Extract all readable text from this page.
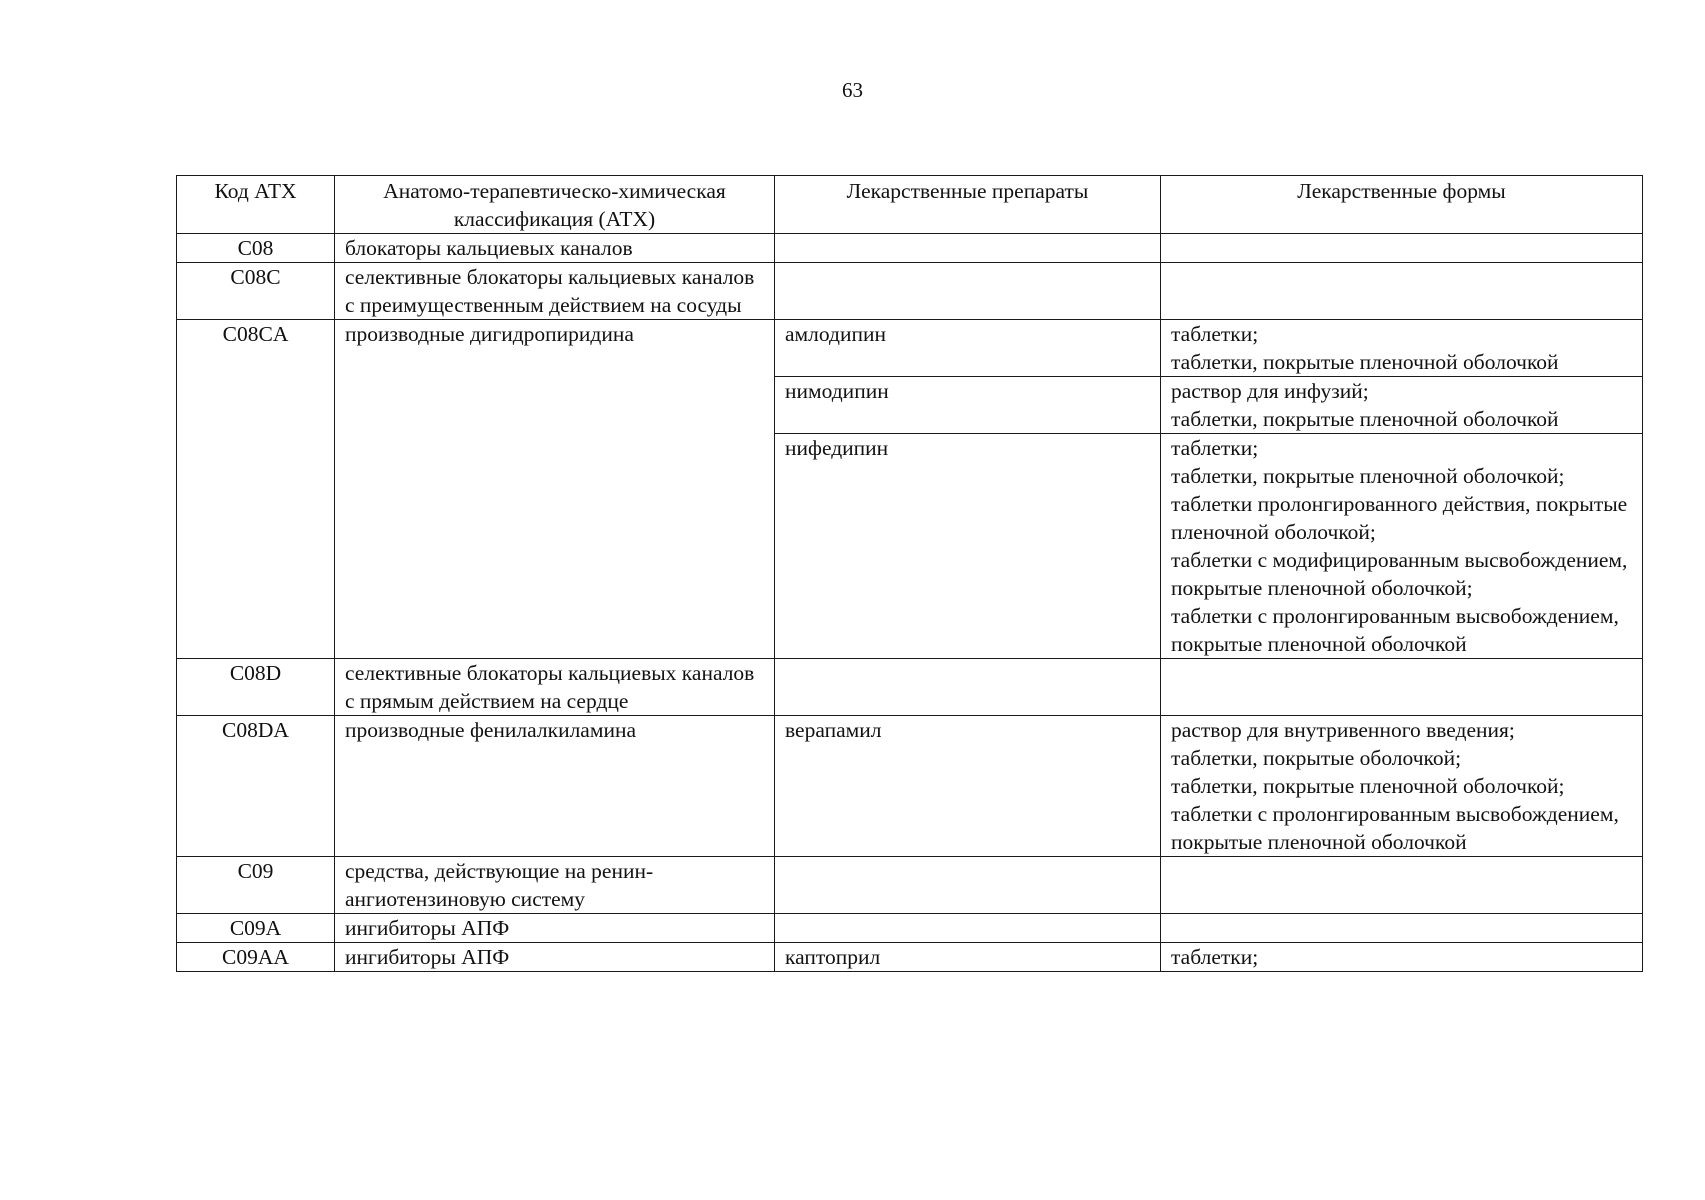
63
Код АТХ	Анатомо-терапевтическо-химическая классификация (АТХ)	Лекарственные препараты	Лекарственные формы
C08	блокаторы кальциевых каналов		
C08C	селективные блокаторы кальциевых каналов с преимущественным действием на сосуды		
C08CA	производные дигидропиридина	амлодипин	таблетки;
таблетки, покрытые пленочной оболочкой

		нимодипин	раствор для инфузий;
таблетки, покрытые пленочной оболочкой

		нифедипин	таблетки;
таблетки, покрытые пленочной оболочкой;
таблетки пролонгированного действия, покрытые пленочной оболочкой;
таблетки с модифицированным высвобождением, покрытые пленочной оболочкой;
таблетки с пролонгированным высвобождением, покрытые пленочной оболочкой

C08D	селективные блокаторы кальциевых каналов с прямым действием на сердце		
C08DA	производные фенилалкиламина	верапамил	раствор для внутривенного введения;
таблетки, покрытые оболочкой;
таблетки, покрытые пленочной оболочкой;
таблетки с пролонгированным высвобождением, покрытые пленочной оболочкой

C09	средства, действующие на ренин-ангиотензиновую систему		
C09A	ингибиторы АПФ		
C09AA	ингибиторы АПФ	каптоприл	таблетки;
